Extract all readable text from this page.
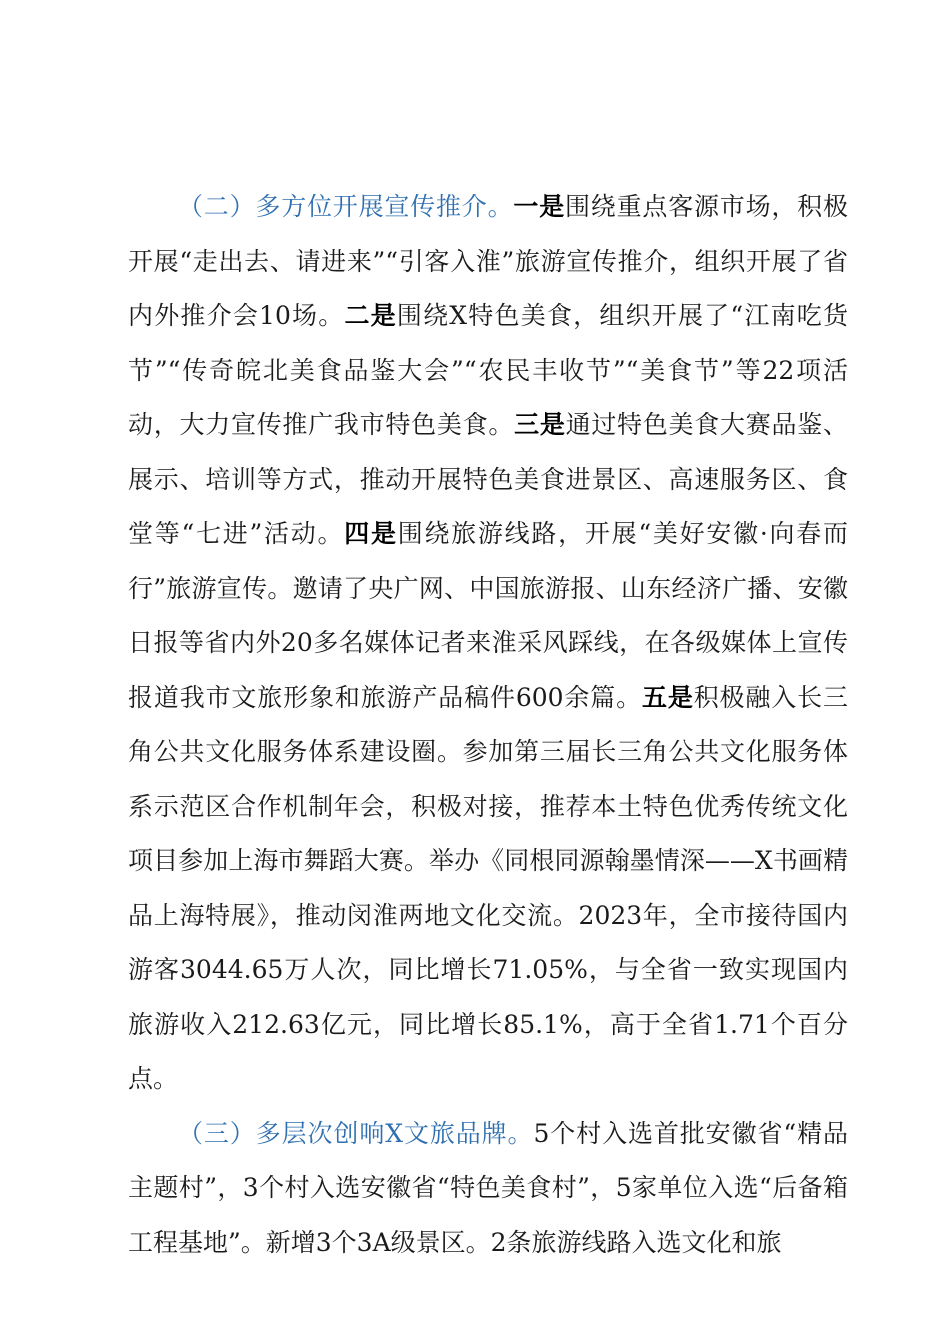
（二）多方位开展宣传推介。一是围绕重点客源市场，积极开展“走出去、请进来”“引客入淮”旅游宣传推介，组织开展了省内外推介会10场。二是围绕X特色美食，组织开展了“江南吃货节”“传奇皖北美食品鉴大会”“农民丰收节”“美食节”等22项活动，大力宣传推广我市特色美食。三是通过特色美食大赛品鉴、展示、培训等方式，推动开展特色美食进景区、高速服务区、食堂等“七进”活动。四是围绕旅游线路，开展“美好安徽·向春而行”旅游宣传。邀请了央广网、中国旅游报、山东经济广播、安徽日报等省内外20多名媒体记者来淮采风踩线，在各级媒体上宣传报道我市文旅形象和旅游产品稿件600余篇。五是积极融入长三角公共文化服务体系建设圈。参加第三届长三角公共文化服务体系示范区合作机制年会，积极对接，推荐本土特色优秀传统文化项目参加上海市舞蹈大赛。举办《同根同源翰墨情深——X书画精品上海特展》，推动闵淮两地文化交流。2023年，全市接待国内游客3044.65万人次，同比增长71.05%，与全省一致实现国内旅游收入212.63亿元，同比增长85.1%，高于全省1.71个百分点。

（三）多层次创响X文旅品牌。5个村入选首批安徽省“精品主题村”，3个村入选安徽省“特色美食村”，5家单位入选“后备箱工程基地”。新增3个3A级景区。2条旅游线路入选文化和旅
